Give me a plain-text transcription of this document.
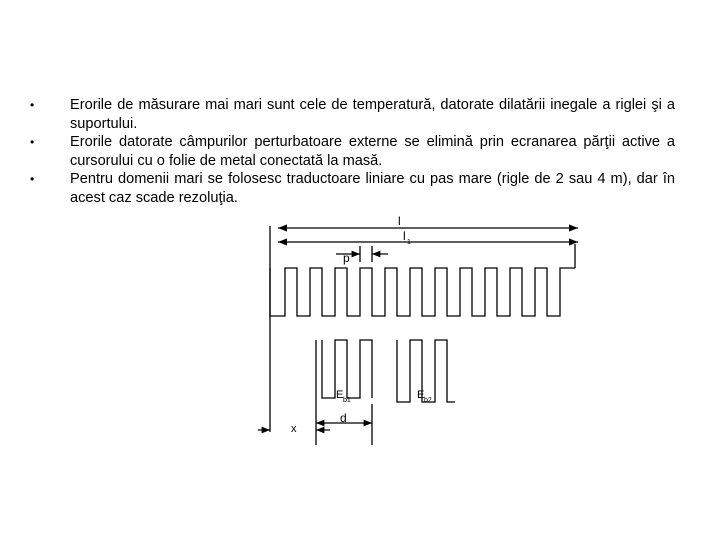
•	Erorile de măsurare mai mari sunt cele de temperatură, datorate dilatării inegale a riglei şi a suportului.
•	Erorile datorate câmpurilor perturbatoare externe se elimină prin ecranarea părţii active a cursorului cu o folie de metal conectată la masă.
•	Pentru domenii mari se folosesc traductoare liniare cu pas mare (rigle de 2 sau 4 m), dar în acest caz scade rezoluţia.
l
l 1
p
E b1	E b2
d
x
